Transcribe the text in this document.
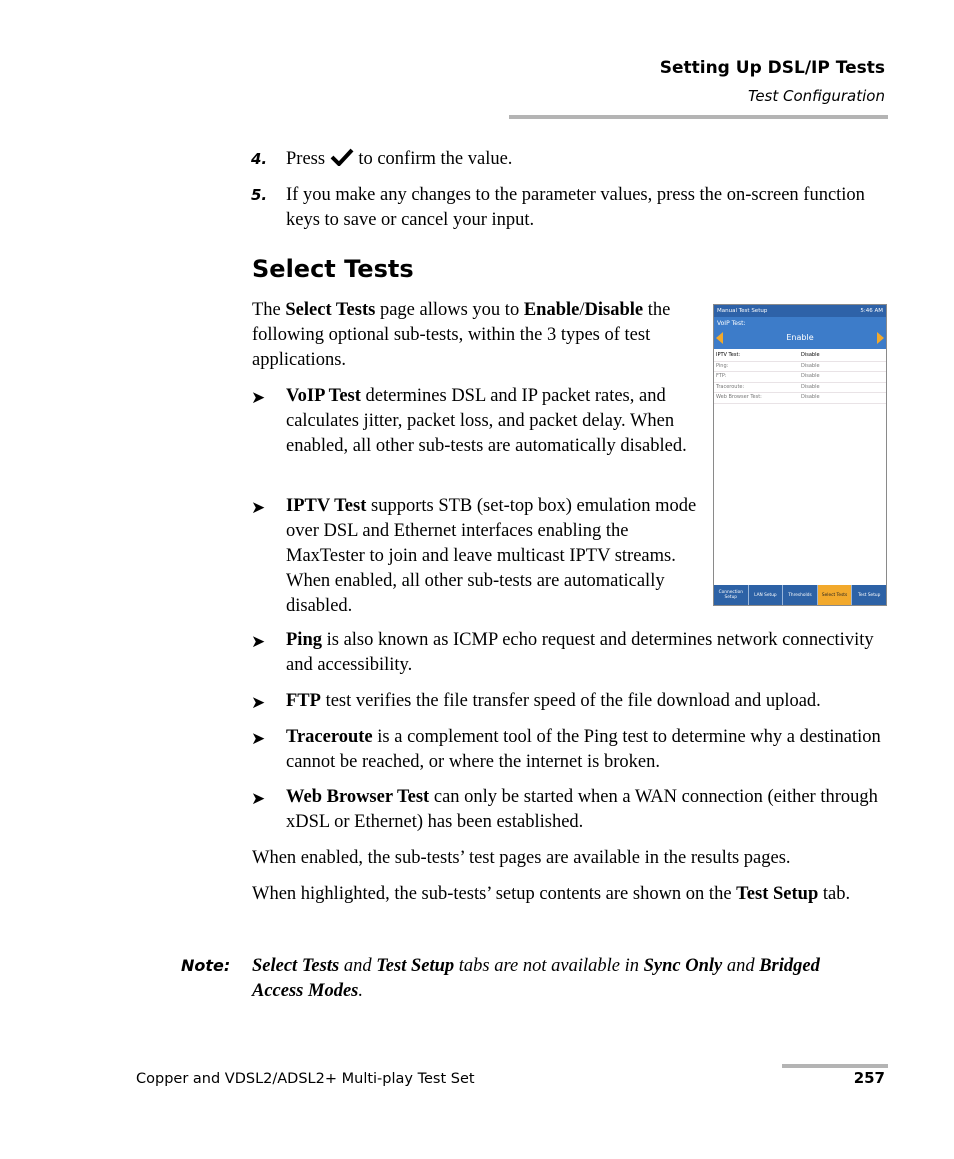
Setting Up DSL/IP Tests
Test Configuration
4.	Press to confirm the value.
5.	If you make any changes to the parameter values, press the on-screen function keys to save or cancel your input.
Select Tests
The Select Tests page allows you to Enable/Disable the following optional sub-tests, within the 3 types of test applications.
➤ VoIP Test determines DSL and IP packet rates, and calculates jitter, packet loss, and packet delay. When enabled, all other sub-tests are automatically disabled.
➤ IPTV Test supports STB (set-top box) emulation mode over DSL and Ethernet interfaces enabling the MaxTester to join and leave multicast IPTV streams. When enabled, all other sub-tests are automatically disabled.
➤ Ping is also known as ICMP echo request and determines network connectivity and accessibility.
➤ FTP test verifies the file transfer speed of the file download and upload.
➤ Traceroute is a complement tool of the Ping test to determine why a destination cannot be reached, or where the internet is broken.
➤ Web Browser Test can only be started when a WAN connection (either through xDSL or Ethernet) has been established.
When enabled, the sub-tests’ test pages are available in the results pages.
When highlighted, the sub-tests’ setup contents are shown on the Test Setup tab.
Note: Select Tests and Test Setup tabs are not available in Sync Only and Bridged Access Modes.
Manual Test Setup	5:46 AM
VoIP Test:
Enable
IPTV Test:	Disable
Ping:	Disable
FTP:	Disable
Traceroute:	Disable
Web Browser Test:	Disable
Connection Setup	LAN Setup	Thresholds	Select Tests	Test Setup
Copper and VDSL2/ADSL2+ Multi-play Test Set	257
